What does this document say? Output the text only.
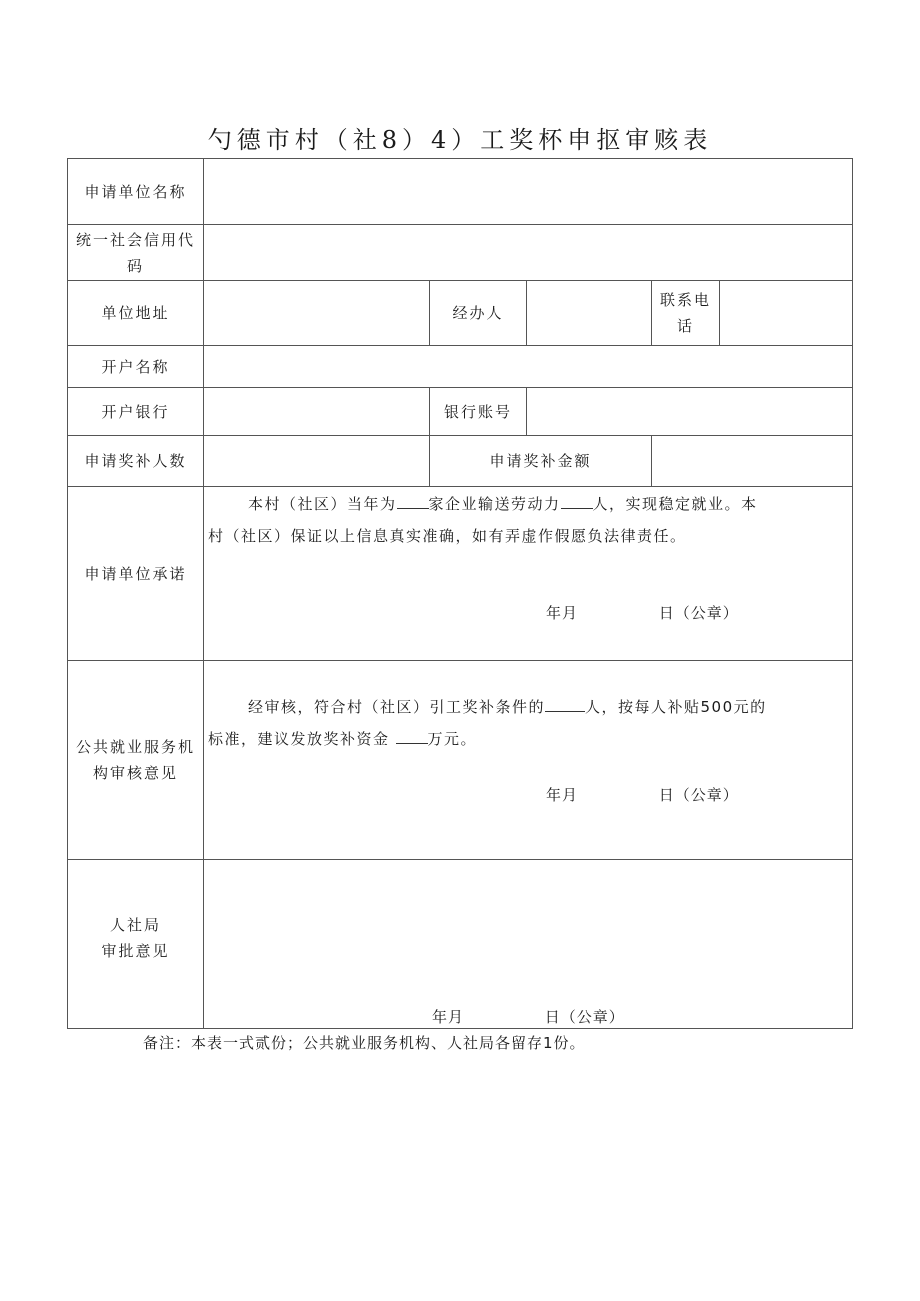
勺德市村（社8）4）工奖杯申抠审赅表
申请单位名称
统一社会信用代
码
单位地址	经办人
联系电
话
开户名称
开户银行	银行账号
申请奖补人数	申请奖补金额
申请单位承诺
本村（社区）当年为 家企业输送劳动力 人，实现稳定就业。本
村（社区）保证以上信息真实准确，如有弄虚作假愿负法律责任。
年月              日（公章）
公共就业服务机
构审核意见
经审核，符合村（社区）引工奖补条件的	人，按每人补贴500元的
标准，建议发放奖补资金	万元。
年月              日（公章）
人社局
审批意见
年月              日（公章）
备注：本表一式贰份；公共就业服务机构、人社局各留存1份。
